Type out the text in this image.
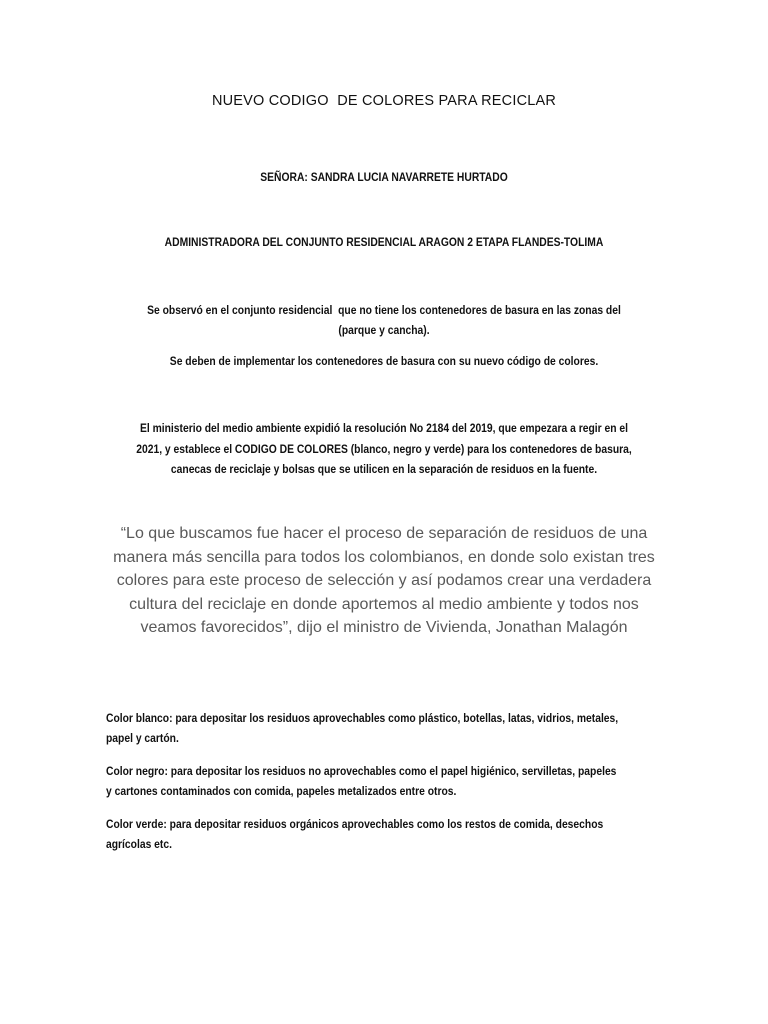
NUEVO CODIGO  DE COLORES PARA RECICLAR
SEÑORA: SANDRA LUCIA NAVARRETE HURTADO
ADMINISTRADORA DEL CONJUNTO RESIDENCIAL ARAGON 2 ETAPA FLANDES-TOLIMA
Se observó en el conjunto residencial  que no tiene los contenedores de basura en las zonas del
(parque y cancha).
Se deben de implementar los contenedores de basura con su nuevo código de colores.
El ministerio del medio ambiente expidió la resolución No 2184 del 2019, que empezara a regir en el 2021, y establece el CODIGO DE COLORES (blanco, negro y verde) para los contenedores de basura, canecas de reciclaje y bolsas que se utilicen en la separación de residuos en la fuente.
“Lo que buscamos fue hacer el proceso de separación de residuos de una manera más sencilla para todos los colombianos, en donde solo existan tres colores para este proceso de selección y así podamos crear una verdadera cultura del reciclaje en donde aportemos al medio ambiente y todos nos veamos favorecidos”, dijo el ministro de Vivienda, Jonathan Malagón
Color blanco: para depositar los residuos aprovechables como plástico, botellas, latas, vidrios, metales, papel y cartón.
Color negro: para depositar los residuos no aprovechables como el papel higiénico, servilletas, papeles y cartones contaminados con comida, papeles metalizados entre otros.
Color verde: para depositar residuos orgánicos aprovechables como los restos de comida, desechos agrícolas etc.
